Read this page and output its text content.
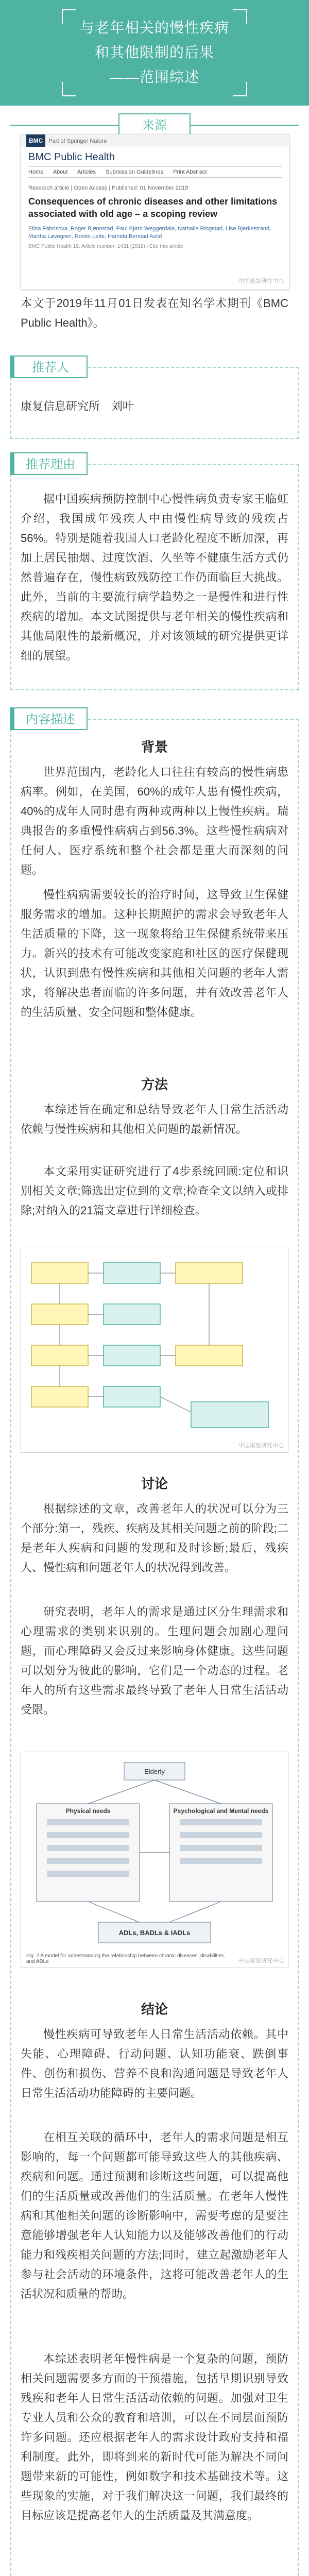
与老年相关的慢性疾病
和其他限制的后果
——范围综述
来源
BMC Part of Springer Nature
BMC Public Health
Home About Articles Submission Guidelines Print Abstract
Research article | Open Access | Published: 01 November 2019
Consequences of chronic diseases and other limitations associated with old age – a scoping review
Elina Fabrisova, Roger Bjønnstad, Paul Bjørn Weggerdale, Nathalie Ringstad, Lise Bjerkestrand, Martha Løvegren, Rostin Leite, Hamida Berstad Aslid
BMC Public Health 19, Article number: 1431 (2019) | Cite this article
中国康复研究中心

本文于2019年11月01日发表在知名学术期刊《BMC Public Health》。

推荐人

康复信息研究所　刘叶

推荐理由

据中国疾病预防控制中心慢性病负责专家王临虹介绍，我国成年残疾人中由慢性病导致的残疾占56%。特别是随着我国人口老龄化程度不断加深，再加上居民抽烟、过度饮酒、久坐等不健康生活方式仍然普遍存在，慢性病致残防控工作仍面临巨大挑战。此外，当前的主要流行病学趋势之一是慢性和进行性疾病的增加。本文试图提供与老年相关的慢性疾病和其他局限性的最新概况，并对该领域的研究提供更详细的展望。

内容描述
背景

世界范围内，老龄化人口往往有较高的慢性病患病率。例如，在美国，60%的成年人患有慢性疾病，40%的成年人同时患有两种或两种以上慢性疾病。瑞典报告的多重慢性病病占到56.3%。这些慢性病病对任何人、医疗系统和整个社会都是重大而深刻的问题。

慢性病病需要较长的治疗时间，这导致卫生保健服务需求的增加。这种长期照护的需求会导致老年人生活质量的下降，这一现象将给卫生保健系统带来压力。新兴的技术有可能改变家庭和社区的医疗保健现状，认识到患有慢性疾病和其他相关问题的老年人需求，将解决患者面临的许多问题，并有效改善老年人的生活质量、安全问题和整体健康。

方法

本综述旨在确定和总结导致老年人日常生活活动依赖与慢性疾病和其他相关问题的最新情况。

本文采用实证研究进行了4步系统回顾:定位和识别相关文章;筛选出定位到的文章;检查全文以纳入或排除;对纳入的21篇文章进行详细检查。

中国康复研究中心
讨论

根据综述的文章，改善老年人的状况可以分为三个部分:第一，残疾、疾病及其相关问题之前的阶段;二是老年人疾病和问题的发现和及时诊断;最后，残疾人、慢性病和问题老年人的状况得到改善。

研究表明，老年人的需求是通过区分生理需求和心理需求的类别来识别的。生理问题会加剧心理问题，而心理障碍又会反过来影响身体健康。这些问题可以划分为彼此的影响，它们是一个动态的过程。老年人的所有这些需求最终导致了老年人日常生活活动受限。

Elderly
Physical needs	Psychological and Mental needs
ADLs, BADLs & IADLs
Fig. 2 A model for understanding the relationship between chronic diseases, disabilities, and ADLs	中国康复研究中心
结论

慢性疾病可导致老年人日常生活活动依赖。其中失能、心理障碍、行动问题、认知功能衰、跌倒事件、创伤和损伤、营养不良和沟通问题是导致老年人日常生活活动功能障碍的主要问题。

在相互关联的循环中，老年人的需求问题是相互影响的，每一个问题都可能导致这些人的其他疾病、疾病和问题。通过预测和诊断这些问题，可以提高他们的生活质量或改善他们的生活质量。在老年人慢性病和其他相关问题的诊断影响中，需要考虑的是要注意能够增强老年人认知能力以及能够改善他们的行动能力和残疾相关问题的方法;同时，建立起激励老年人参与社会活动的环境条件，这将可能改善老年人的生活状况和质量的帮助。

本综述表明老年慢性病是一个复杂的问题，预防相关问题需要多方面的干预措施，包括早期识别导致残疾和老年人日常生活活动依赖的问题。加强对卫生专业人员和公众的教育和培训，可以在不同层面预防许多问题。还应根据老年人的需求设计政府支持和福利制度。此外，即将到来的新时代可能为解决不同问题带来新的可能性，例如数字和技术基础技术等。这些现象的实施，对于我们解决这一问题，我们最终的目标应该是提高老年人的生活质量及其满意度。
